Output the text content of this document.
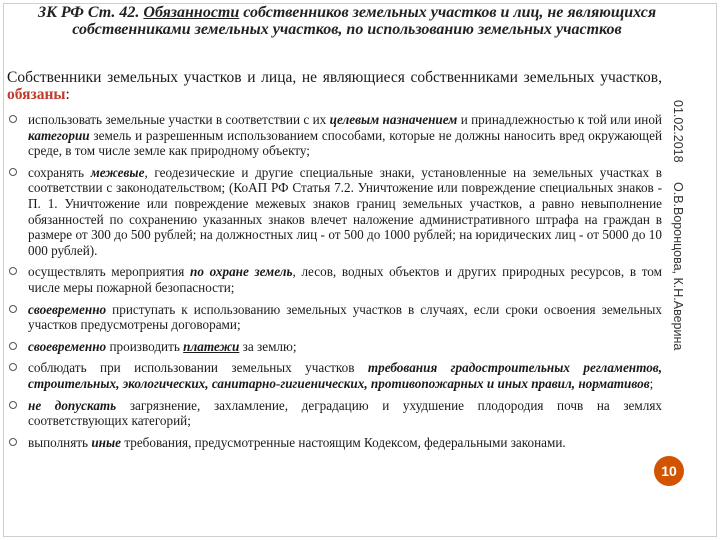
ЗК РФ Ст. 42. Обязанности собственников земельных участков и лиц, не являющихся собственниками земельных участков, по использованию земельных участков
Собственники земельных участков и лица, не являющиеся собственниками земельных участков, обязаны:
использовать земельные участки в соответствии с их целевым назначением и принадлежностью к той или иной категории земель и разрешенным использованием способами, которые не должны наносить вред окружающей среде, в том числе земле как природному объекту;
сохранять межевые, геодезические и другие специальные знаки, установленные на земельных участках в соответствии с законодательством; (КоАП РФ Статья 7.2. Уничтожение или повреждение специальных знаков - П. 1. Уничтожение или повреждение межевых знаков границ земельных участков, а равно невыполнение обязанностей по сохранению указанных знаков влечет наложение административного штрафа на граждан в размере от 300 до 500 рублей; на должностных лиц - от 500 до 1000 рублей; на юридических лиц - от 5000 до 10 000 рублей).
осуществлять мероприятия по охране земель, лесов, водных объектов и других природных ресурсов, в том числе меры пожарной безопасности;
своевременно приступать к использованию земельных участков в случаях, если сроки освоения земельных участков предусмотрены договорами;
своевременно производить платежи за землю;
соблюдать при использовании земельных участков требования градостроительных регламентов, строительных, экологических, санитарно-гигиенических, противопожарных и иных правил, нормативов;
не допускать загрязнение, захламление, деградацию и ухудшение плодородия почв на землях соответствующих категорий;
выполнять иные требования, предусмотренные настоящим Кодексом, федеральными законами.
01.02.2018
О.В.Воронцова, К.Н.Аверина
10
